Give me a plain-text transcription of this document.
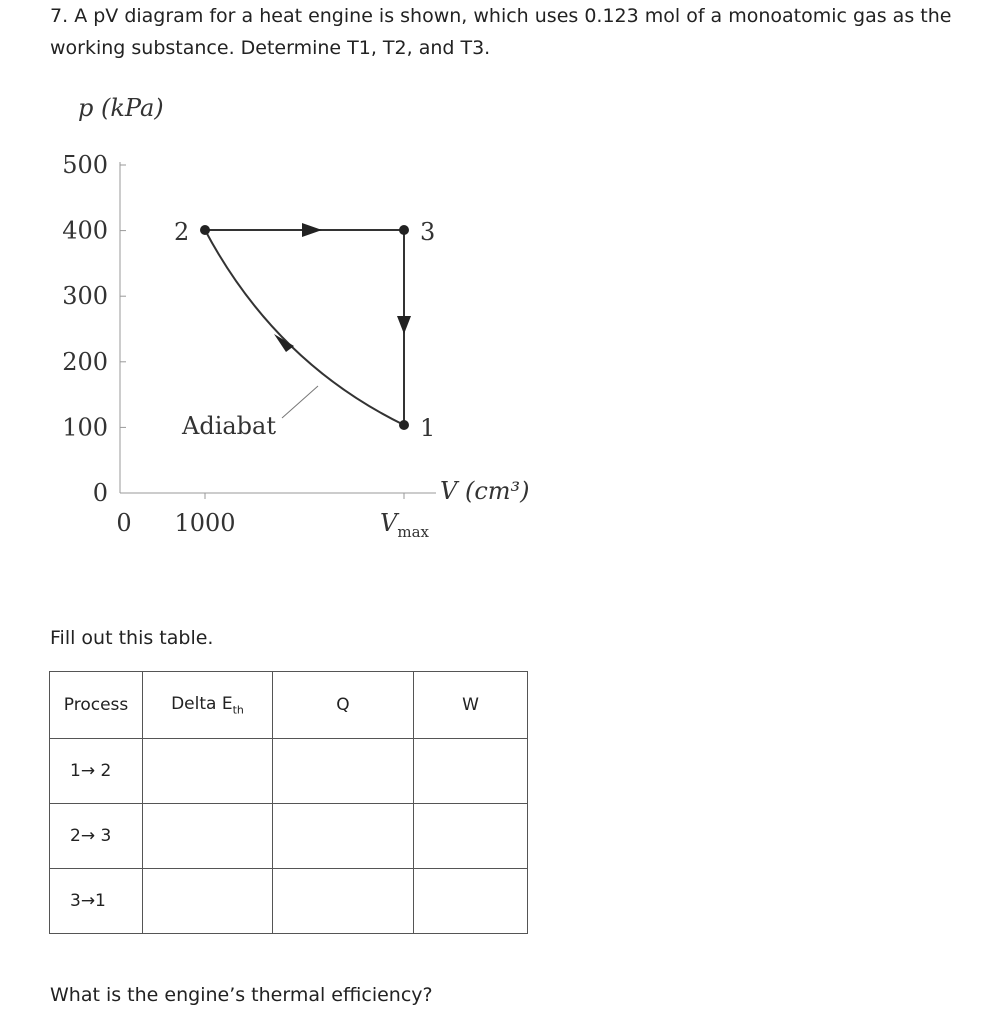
7. A pV diagram for a heat engine is shown, which uses 0.123 mol of a monoatomic gas as the working substance. Determine T1, T2, and T3.
p (kPa)
500
400
300
200
100
0
0 1000	$V_{max}$
V (cm³)
2	3
1
Adiabat
Fill out this table.
Process	Delta $E_{th}$	Q	W
1→ 2			
2→ 3			
3→1			
What is the engine’s thermal efficiency?
